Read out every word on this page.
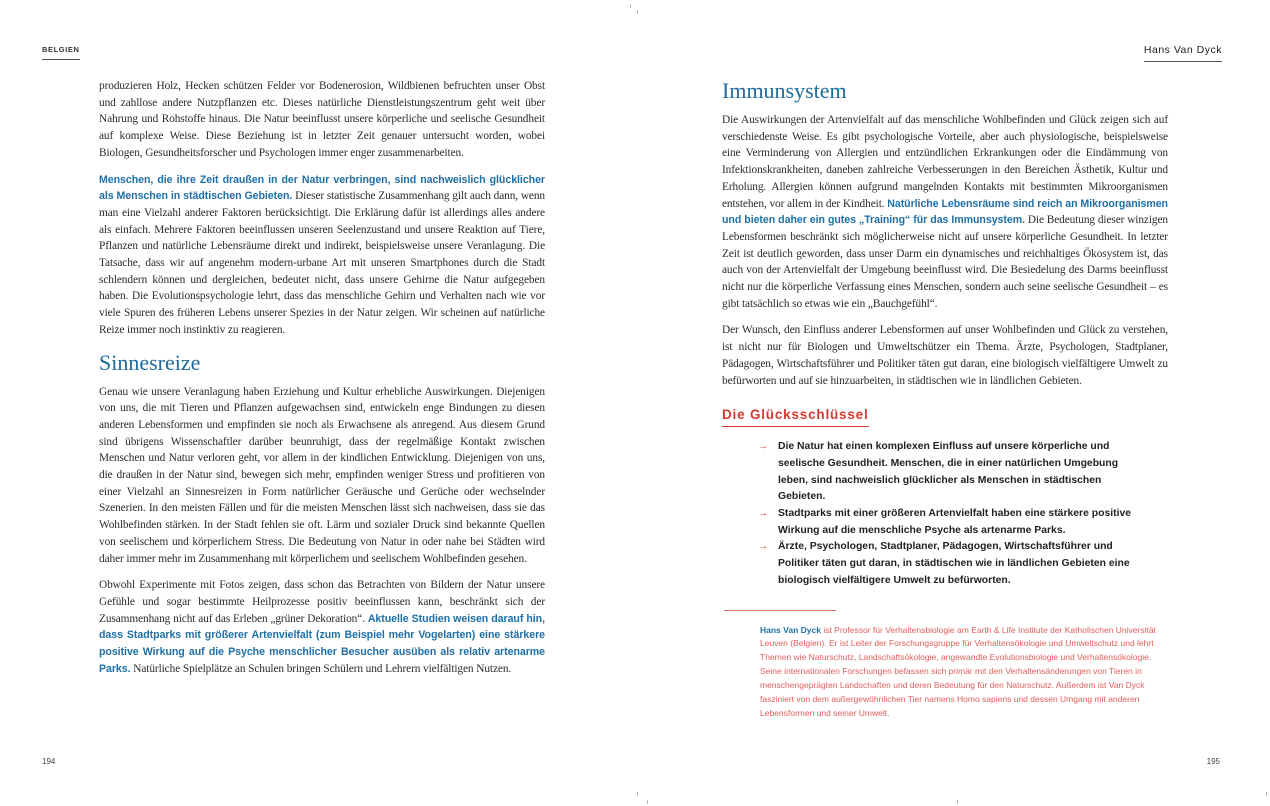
BELGIEN

produzieren Holz, Hecken schützen Felder vor Bodenerosion, Wildbienen befruchten unser Obst und zahllose andere Nutzpflanzen etc. Dieses natürliche Dienstleistungszentrum geht weit über Nahrung und Rohstoffe hinaus. Die Natur beeinflusst unsere körperliche und seelische Gesundheit auf komplexe Weise. Diese Beziehung ist in letzter Zeit genauer untersucht worden, wobei Biologen, Gesundheitsforscher und Psychologen immer enger zusammenarbeiten.

Menschen, die ihre Zeit draußen in der Natur verbringen, sind nachweislich glücklicher als Menschen in städtischen Gebieten. Dieser statistische Zusammenhang gilt auch dann, wenn man eine Vielzahl anderer Faktoren berücksichtigt. Die Erklärung dafür ist allerdings alles andere als einfach. Mehrere Faktoren beeinflussen unseren Seelenzustand und unsere Reaktion auf Tiere, Pflanzen und natürliche Lebensräume direkt und indirekt, beispielsweise unsere Veranlagung. Die Tatsache, dass wir auf angenehm modern-urbane Art mit unseren Smartphones durch die Stadt schlendern können und dergleichen, bedeutet nicht, dass unsere Gehirne die Natur aufgegeben haben. Die Evolutionspsychologie lehrt, dass das menschliche Gehirn und Verhalten nach wie vor viele Spuren des früheren Lebens unserer Spezies in der Natur zeigen. Wir scheinen auf natürliche Reize immer noch instinktiv zu reagieren.

Sinnesreize

Genau wie unsere Veranlagung haben Erziehung und Kultur erhebliche Auswirkungen. Diejenigen von uns, die mit Tieren und Pflanzen aufgewachsen sind, entwickeln enge Bindungen zu diesen anderen Lebensformen und empfinden sie noch als Erwachsene als anregend. Aus diesem Grund sind übrigens Wissenschaftler darüber beunruhigt, dass der regelmäßige Kontakt zwischen Menschen und Natur verloren geht, vor allem in der kindlichen Entwicklung. Diejenigen von uns, die draußen in der Natur sind, bewegen sich mehr, empfinden weniger Stress und profitieren von einer Vielzahl an Sinnesreizen in Form natürlicher Geräusche und Gerüche oder wechselnder Szenerien. In den meisten Fällen und für die meisten Menschen lässt sich nachweisen, dass sie das Wohlbefinden stärken. In der Stadt fehlen sie oft. Lärm und sozialer Druck sind bekannte Quellen von seelischem und körperlichem Stress. Die Bedeutung von Natur in oder nahe bei Städten wird daher immer mehr im Zusammenhang mit körperlichem und seelischem Wohlbefinden gesehen.

Obwohl Experimente mit Fotos zeigen, dass schon das Betrachten von Bildern der Natur unsere Gefühle und sogar bestimmte Heilprozesse positiv beeinflussen kann, beschränkt sich der Zusammenhang nicht auf das Erleben „grüner Dekoration“. Aktuelle Studien weisen darauf hin, dass Stadtparks mit größerer Artenvielfalt (zum Beispiel mehr Vogelarten) eine stärkere positive Wirkung auf die Psyche menschlicher Besucher ausüben als relativ artenarme Parks. Natürliche Spielplätze an Schulen bringen Schülern und Lehrern vielfältigen Nutzen.

194
Hans Van Dyck
Immunsystem

Die Auswirkungen der Artenvielfalt auf das menschliche Wohlbefinden und Glück zeigen sich auf verschiedenste Weise. Es gibt psychologische Vorteile, aber auch physiologische, beispielsweise eine Verminderung von Allergien und entzündlichen Erkrankungen oder die Eindämmung von Infektionskrankheiten, daneben zahlreiche Verbesserungen in den Bereichen Ästhetik, Kultur und Erholung. Allergien können aufgrund mangelnden Kontakts mit bestimmten Mikroorganismen entstehen, vor allem in der Kindheit. Natürliche Lebensräume sind reich an Mikroorganismen und bieten daher ein gutes „Training“ für das Immunsystem. Die Bedeutung dieser winzigen Lebensformen beschränkt sich möglicherweise nicht auf unsere körperliche Gesundheit. In letzter Zeit ist deutlich geworden, dass unser Darm ein dynamisches und reichhaltiges Ökosystem ist, das auch von der Artenvielfalt der Umgebung beeinflusst wird. Die Besiedelung des Darms beeinflusst nicht nur die körperliche Verfassung eines Menschen, sondern auch seine seelische Gesundheit – es gibt tatsächlich so etwas wie ein „Bauchgefühl“.

Der Wunsch, den Einfluss anderer Lebensformen auf unser Wohlbefinden und Glück zu verstehen, ist nicht nur für Biologen und Umweltschützer ein Thema. Ärzte, Psychologen, Stadtplaner, Pädagogen, Wirtschaftsführer und Politiker täten gut daran, eine biologisch vielfältigere Umwelt zu befürworten und auf sie hinzuarbeiten, in städtischen wie in ländlichen Gebieten.

Die Glücksschlüssel
→ Die Natur hat einen komplexen Einfluss auf unsere körperliche und seelische Gesundheit. Menschen, die in einer natürlichen Umgebung leben, sind nachweislich glücklicher als Menschen in städtischen Gebieten.
→ Stadtparks mit einer größeren Artenvielfalt haben eine stärkere positive Wirkung auf die menschliche Psyche als artenarme Parks.
→ Ärzte, Psychologen, Stadtplaner, Pädagogen, Wirtschaftsführer und Politiker täten gut daran, in städtischen wie in ländlichen Gebieten eine biologisch vielfältigere Umwelt zu befürworten.

Hans Van Dyck ist Professor für Verhaltensbiologie am Earth & Life Institute der Katholischen Universität Leuven (Belgien). Er ist Leiter der Forschungsgruppe für Verhaltensökologie und Umweltschutz und lehrt Themen wie Naturschutz, Landschaftsökologie, angewandte Evolutionsbiologie und Verhaltensökologie. Seine internationalen Forschungen befassen sich primär mit den Verhaltensänderungen von Tieren in menschengeprägten Landschaften und deren Bedeutung für den Naturschutz. Außerdem ist Van Dyck fasziniert von dem außergewöhnlichen Tier namens Homo sapiens und dessen Umgang mit anderen Lebensformen und seiner Umwelt.

195
